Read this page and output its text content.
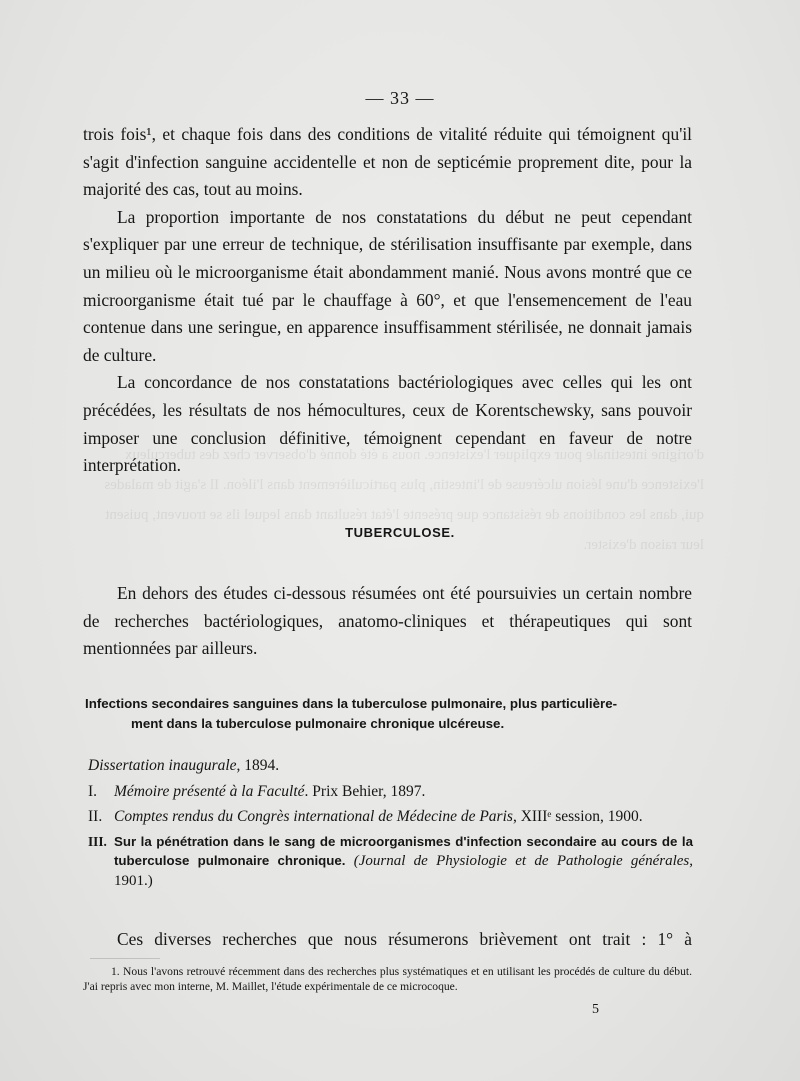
d'origine intestinale pour expliquer l'existence. nous a été donné d'observer chez des tuberculeux l'existence d'une lésion ulcéreuse de l'intestin, plus particulièrement dans l'iléon. Il s'agit de malades qui, dans les conditions de résistance que présente l'état résultant dans lequel ils se trouvent, puisent leur raison d'exister.
— 33 —

trois fois¹, et chaque fois dans des conditions de vitalité réduite qui témoignent qu'il s'agit d'infection sanguine accidentelle et non de septicémie proprement dite, pour la majorité des cas, tout au moins.

La proportion importante de nos constatations du début ne peut cependant s'expliquer par une erreur de technique, de stérilisation insuffisante par exemple, dans un milieu où le microorganisme était abondamment manié. Nous avons montré que ce microorganisme était tué par le chauffage à 60°, et que l'ensemencement de l'eau contenue dans une seringue, en apparence insuffisamment stérilisée, ne donnait jamais de culture.

La concordance de nos constatations bactériologiques avec celles qui les ont précédées, les résultats de nos hémocultures, ceux de Korentschewsky, sans pouvoir imposer une conclusion définitive, témoignent cependant en faveur de notre interprétation.

TUBERCULOSE.

En dehors des études ci-dessous résumées ont été poursuivies un certain nombre de recherches bactériologiques, anatomo-cliniques et thérapeutiques qui sont mentionnées par ailleurs.

Infections secondaires sanguines dans la tuberculose pulmonaire, plus particulière-
ment dans la tuberculose pulmonaire chronique ulcéreuse.
Dissertation inaugurale, 1894.
I. Mémoire présenté à la Faculté. Prix Behier, 1897.
II. Comptes rendus du Congrès international de Médecine de Paris, XIIIᵉ session, 1900.
III. Sur la pénétration dans le sang de microorganismes d'infection secondaire au cours de la tuberculose pulmonaire chronique. (Journal de Physiologie et de Pathologie générales, 1901.)
Ces diverses recherches que nous résumerons brièvement ont trait : 1° à
1. Nous l'avons retrouvé récemment dans des recherches plus systématiques et en utilisant les procédés de culture du début. J'ai repris avec mon interne, M. Maillet, l'étude expérimentale de ce microcoque.
5
